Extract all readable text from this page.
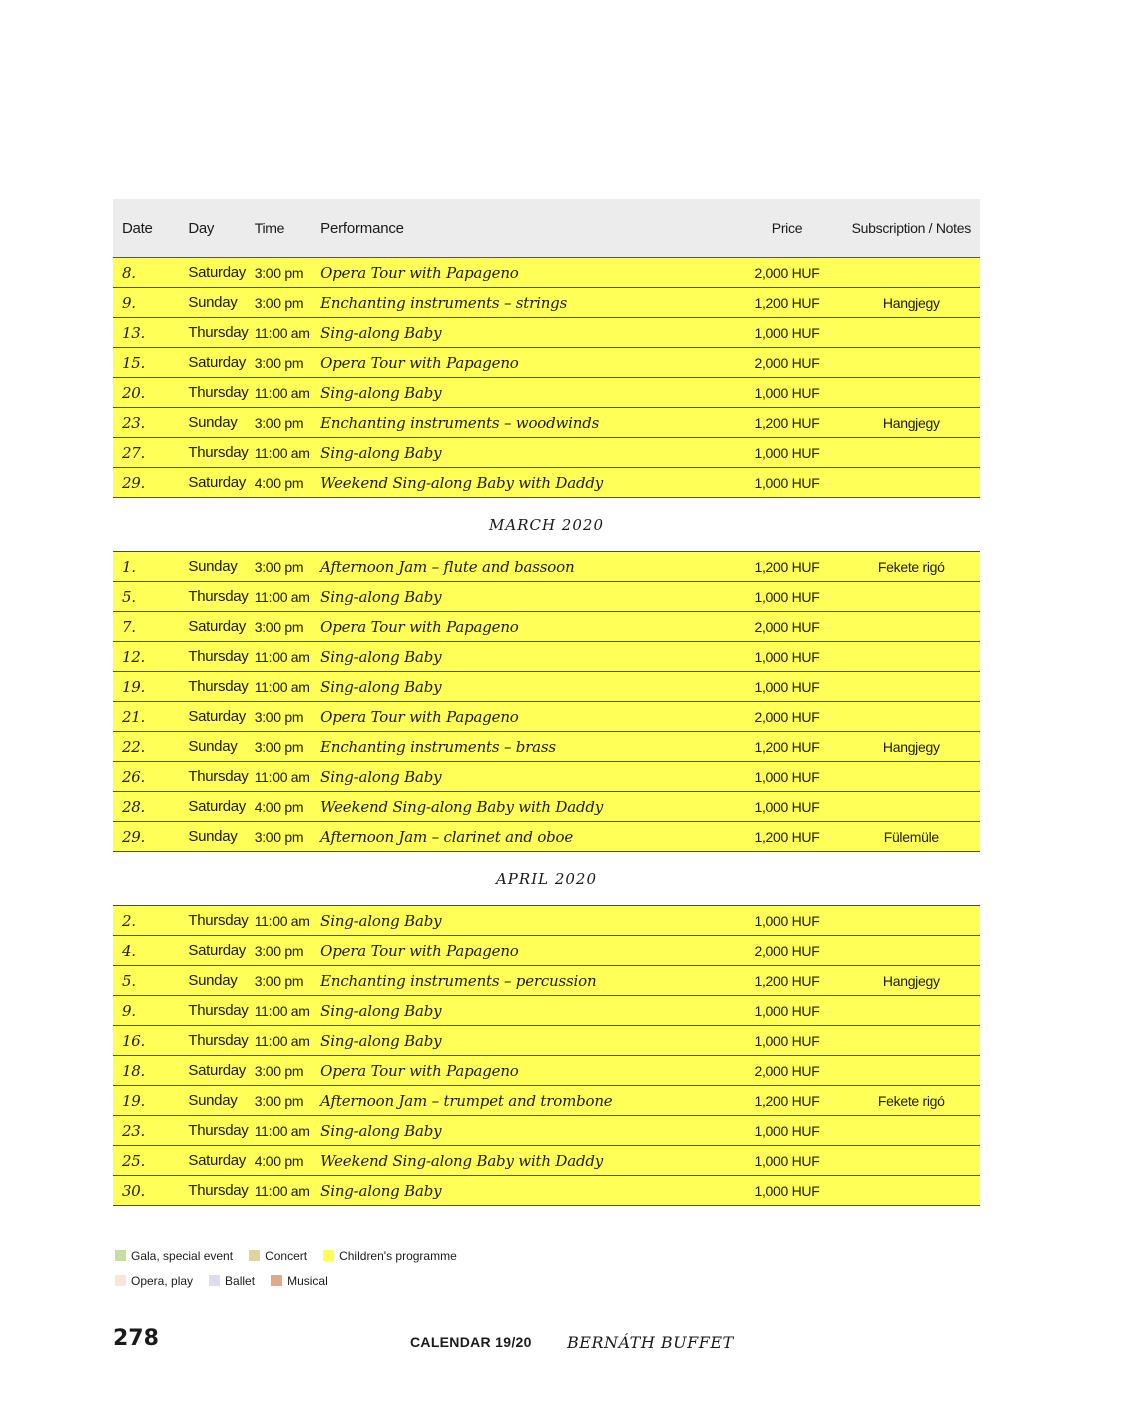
Date	Day	Time	Performance	Price	Subscription / Notes
8.	Saturday 3:00 pm	Opera Tour with Papageno	2,000 HUF
9.	Sunday	3:00 pm	Enchanting instruments – strings	1,200 HUF	Hangjegy
13.	Thursday 11:00 am Sing-along Baby	1,000 HUF
15.	Saturday 3:00 pm	Opera Tour with Papageno	2,000 HUF
20.	Thursday 11:00 am Sing-along Baby	1,000 HUF
23.	Sunday	3:00 pm	Enchanting instruments – woodwinds	1,200 HUF	Hangjegy
27.	Thursday 11:00 am Sing-along Baby	1,000 HUF
29.	Saturday 4:00 pm	Weekend Sing-along Baby with Daddy	1,000 HUF
MARCH 2020
1.	Sunday	3:00 pm	Afternoon Jam – flute and bassoon	1,200 HUF	Fekete rigó
5.	Thursday 11:00 am Sing-along Baby	1,000 HUF
7.	Saturday 3:00 pm	Opera Tour with Papageno	2,000 HUF
12.	Thursday 11:00 am Sing-along Baby	1,000 HUF
19.	Thursday 11:00 am Sing-along Baby	1,000 HUF
21.	Saturday 3:00 pm	Opera Tour with Papageno	2,000 HUF
22.	Sunday	3:00 pm	Enchanting instruments – brass	1,200 HUF	Hangjegy
26.	Thursday 11:00 am Sing-along Baby	1,000 HUF
28.	Saturday 4:00 pm	Weekend Sing-along Baby with Daddy	1,000 HUF
29.	Sunday	3:00 pm	Afternoon Jam – clarinet and oboe	1,200 HUF	Fülemüle
APRIL 2020
2.	Thursday 11:00 am Sing-along Baby	1,000 HUF
4.	Saturday 3:00 pm	Opera Tour with Papageno	2,000 HUF
5.	Sunday	3:00 pm	Enchanting instruments – percussion	1,200 HUF	Hangjegy
9.	Thursday 11:00 am Sing-along Baby	1,000 HUF
16.	Thursday 11:00 am Sing-along Baby	1,000 HUF
18.	Saturday 3:00 pm	Opera Tour with Papageno	2,000 HUF
19.	Sunday	3:00 pm	Afternoon Jam – trumpet and trombone	1,200 HUF	Fekete rigó
23.	Thursday 11:00 am Sing-along Baby	1,000 HUF
25.	Saturday 4:00 pm	Weekend Sing-along Baby with Daddy	1,000 HUF
30.	Thursday 11:00 am Sing-along Baby	1,000 HUF
Gala, special event	Concert	Children's programme
Opera, play	Ballet	Musical
278	CALENDAR 19/20 BERNÁTH BUFFET
